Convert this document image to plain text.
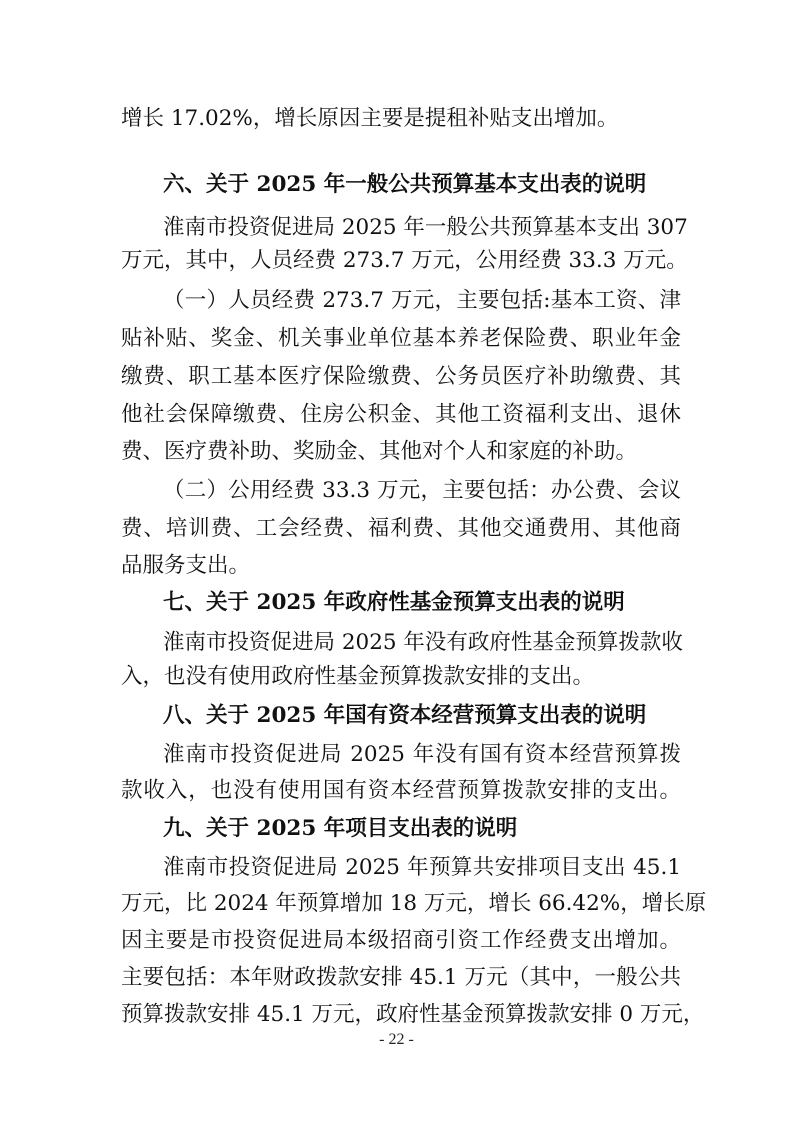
增长 17.02%，增长原因主要是提租补贴支出增加。
六、关于 2025 年一般公共预算基本支出表的说明
淮南市投资促进局 2025 年一般公共预算基本支出 307
万元，其中，人员经费 273.7 万元，公用经费 33.3 万元。
（一）人员经费 273.7 万元，主要包括:基本工资、津
贴补贴、奖金、机关事业单位基本养老保险费、职业年金
缴费、职工基本医疗保险缴费、公务员医疗补助缴费、其
他社会保障缴费、住房公积金、其他工资福利支出、退休
费、医疗费补助、奖励金、其他对个人和家庭的补助。
（二）公用经费 33.3 万元，主要包括：办公费、会议
费、培训费、工会经费、福利费、其他交通费用、其他商
品服务支出。
七、关于 2025 年政府性基金预算支出表的说明
淮南市投资促进局 2025 年没有政府性基金预算拨款收
入，也没有使用政府性基金预算拨款安排的支出。
八、关于 2025 年国有资本经营预算支出表的说明
淮南市投资促进局 2025 年没有国有资本经营预算拨
款收入，也没有使用国有资本经营预算拨款安排的支出。
九、关于 2025 年项目支出表的说明
淮南市投资促进局 2025 年预算共安排项目支出 45.1
万元，比 2024 年预算增加 18 万元，增长 66.42%，增长原
因主要是市投资促进局本级招商引资工作经费支出增加。
主要包括：本年财政拨款安排 45.1 万元（其中，一般公共
预算拨款安排 45.1 万元，政府性基金预算拨款安排 0 万元，
- 22 -
